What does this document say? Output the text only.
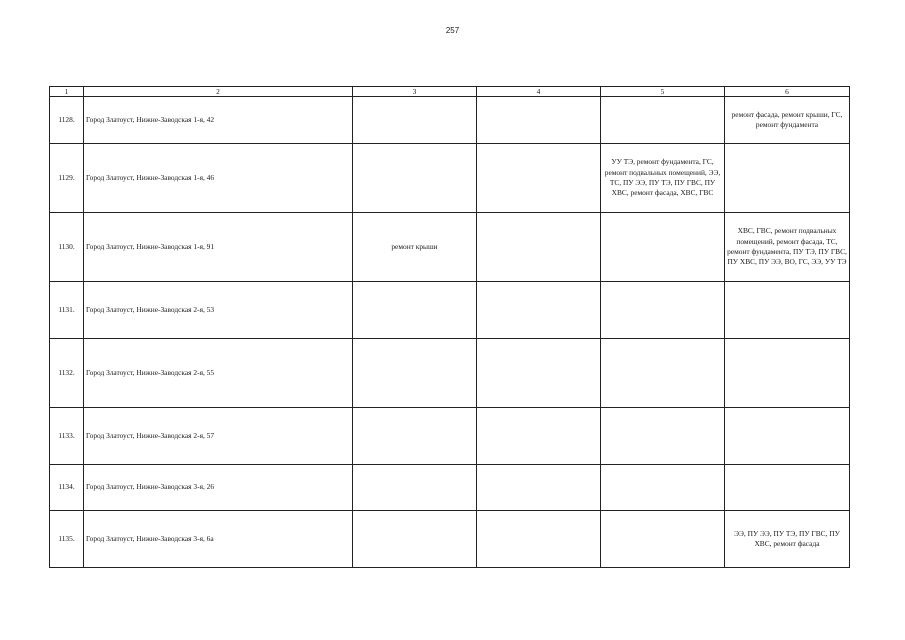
257
1	2	3	4	5	6
1128.	Город Златоуст, Нижне-Заводская 1-я, 42				ремонт фасада, ремонт крыши, ГС, ремонт фундамента
1129.	Город Златоуст, Нижне-Заводская 1-я, 46			УУ ТЭ, ремонт фундамента, ГС, ремонт подвальных помещений, ЭЭ, ТС, ПУ ЭЭ, ПУ ТЭ, ПУ ГВС, ПУ ХВС, ремонт фасада, ХВС, ГВС	
1130.	Город Златоуст, Нижне-Заводская 1-я, 91	ремонт крыши			ХВС, ГВС, ремонт подвальных помещений, ремонт фасада, ТС, ремонт фундамента, ПУ ТЭ, ПУ ГВС, ПУ ХВС, ПУ ЭЭ, ВО, ГС, ЭЭ, УУ ТЭ
1131.	Город Златоуст, Нижне-Заводская 2-я, 53				
1132.	Город Златоуст, Нижне-Заводская 2-я, 55				
1133.	Город Златоуст, Нижне-Заводская 2-я, 57				
1134.	Город Златоуст, Нижне-Заводская 3-я, 26				
1135.	Город Златоуст, Нижне-Заводская 3-я, 6а				ЭЭ, ПУ ЭЭ, ПУ ТЭ, ПУ ГВС, ПУ ХВС, ремонт фасада
